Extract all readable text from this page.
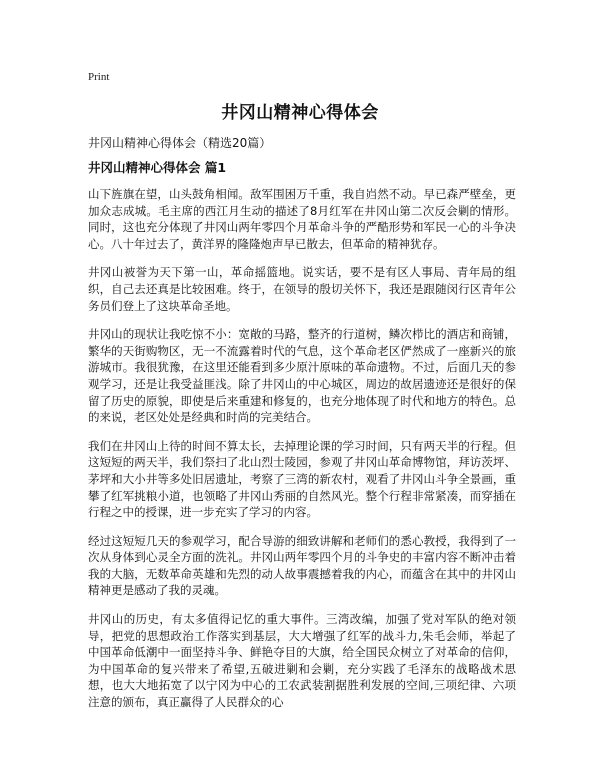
Print
井冈山精神心得体会
井冈山精神心得体会（精选20篇）
井冈山精神心得体会 篇1

山下旌旗在望，山头鼓角相闻。敌军围困万千重，我自岿然不动。早已森严壁垒，更加众志成城。毛主席的西江月生动的描述了8月红军在井冈山第二次反会剿的情形。同时，这也充分体现了井冈山两年零四个月革命斗争的严酷形势和军民一心的斗争决心。八十年过去了，黄洋界的隆隆炮声早已散去，但革命的精神犹存。

井冈山被誉为天下第一山，革命摇篮地。说实话，要不是有区人事局、青年局的组织，自己去还真是比较困难。终于，在领导的殷切关怀下，我还是跟随闵行区青年公务员们登上了这块革命圣地。

井冈山的现状让我吃惊不小：宽敞的马路，整齐的行道树，鳞次栉比的酒店和商铺，繁华的天街购物区，无一不流露着时代的气息，这个革命老区俨然成了一座新兴的旅游城市。我很犹豫，在这里还能看到多少原汁原味的革命遗物。不过，后面几天的参观学习，还是让我受益匪浅。除了井冈山的中心城区，周边的故居遗迹还是很好的保留了历史的原貌，即使是后来重建和修复的，也充分地体现了时代和地方的特色。总的来说，老区处处是经典和时尚的完美结合。

我们在井冈山上待的时间不算太长，去掉理论课的学习时间，只有两天半的行程。但这短短的两天半，我们祭扫了北山烈士陵园，参观了井冈山革命博物馆，拜访茨坪、茅坪和大小井等多处旧居遗址，考察了三湾的新农村，观看了井冈山斗争全景画，重攀了红军挑粮小道，也领略了井冈山秀丽的自然风光。整个行程非常紧凑，而穿插在行程之中的授课，进一步充实了学习的内容。

经过这短短几天的参观学习，配合导游的细致讲解和老师们的悉心教授，我得到了一次从身体到心灵全方面的洗礼。井冈山两年零四个月的斗争史的丰富内容不断冲击着我的大脑，无数革命英雄和先烈的动人故事震撼着我的内心，而蕴含在其中的井冈山精神更是感动了我的灵魂。

井冈山的历史，有太多值得记忆的重大事件。三湾改编，加强了党对军队的绝对领导，把党的思想政治工作落实到基层，大大增强了红军的战斗力,朱毛会师，举起了中国革命低潮中一面坚持斗争、鲜艳夺目的大旗，给全国民众树立了对革命的信仰，为中国革命的复兴带来了希望,五破进剿和会剿，充分实践了毛泽东的战略战术思想，也大大地拓宽了以宁冈为中心的工农武装割据胜利发展的空间,三项纪律、六项注意的颁布，真正赢得了人民群众的心
